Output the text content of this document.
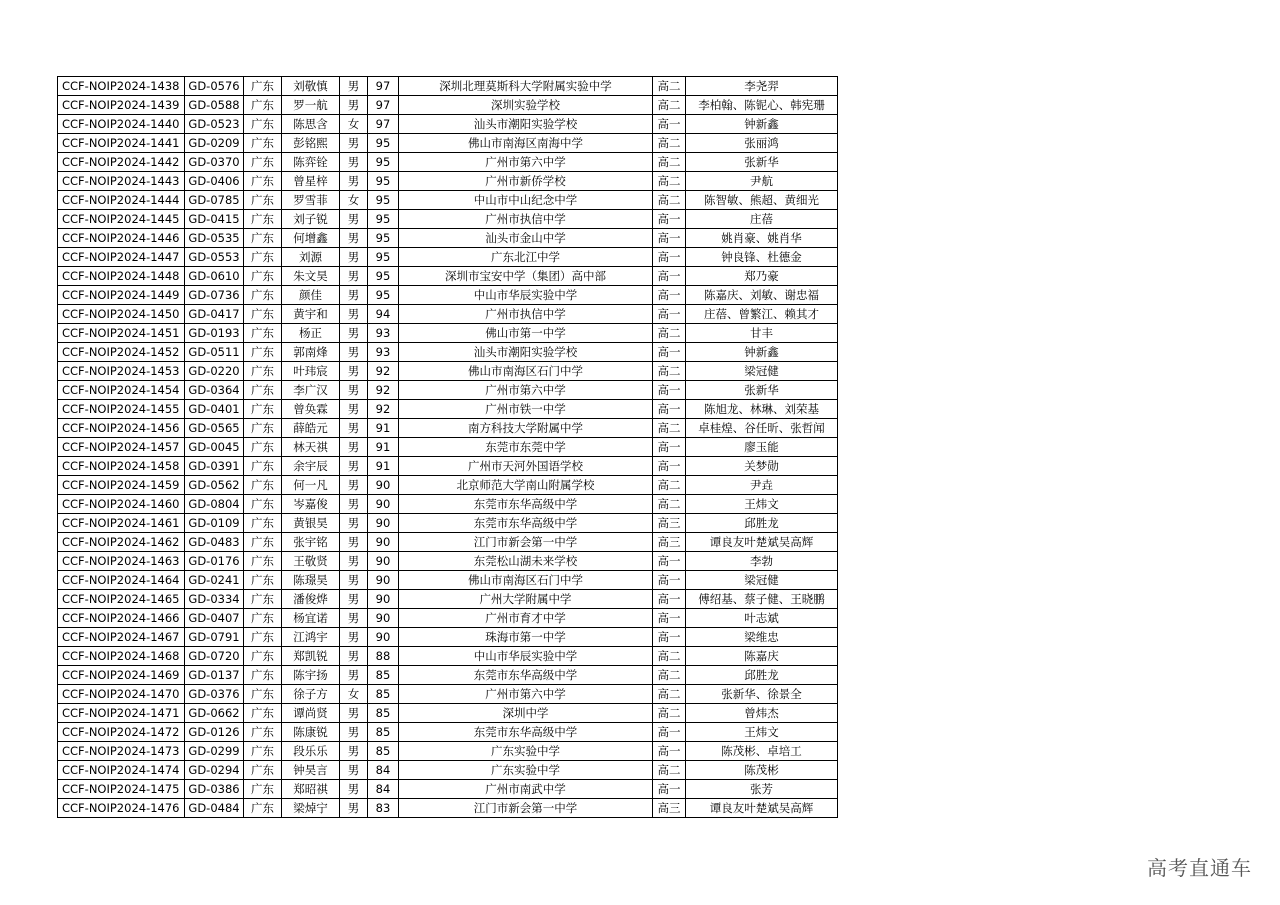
CCF-NOIP2024-1438	GD-0576	广东	刘敬慎	男	97	深圳北理莫斯科大学附属实验中学	高二	李尧羿
CCF-NOIP2024-1439	GD-0588	广东	罗一航	男	97	深圳实验学校	高二	李柏翰、陈铌心、韩宪珊
CCF-NOIP2024-1440	GD-0523	广东	陈思含	女	97	汕头市潮阳实验学校	高一	钟新鑫
CCF-NOIP2024-1441	GD-0209	广东	彭铭熙	男	95	佛山市南海区南海中学	高二	张丽鸿
CCF-NOIP2024-1442	GD-0370	广东	陈弈铨	男	95	广州市第六中学	高二	张新华
CCF-NOIP2024-1443	GD-0406	广东	曾星梓	男	95	广州市新侨学校	高二	尹航
CCF-NOIP2024-1444	GD-0785	广东	罗雪菲	女	95	中山市中山纪念中学	高二	陈智敏、熊超、黄细光
CCF-NOIP2024-1445	GD-0415	广东	刘子锐	男	95	广州市执信中学	高一	庄蓓
CCF-NOIP2024-1446	GD-0535	广东	何增鑫	男	95	汕头市金山中学	高一	姚肖豪、姚肖华
CCF-NOIP2024-1447	GD-0553	广东	刘源	男	95	广东北江中学	高一	钟良锋、杜德金
CCF-NOIP2024-1448	GD-0610	广东	朱文昊	男	95	深圳市宝安中学（集团）高中部	高一	郑乃豪
CCF-NOIP2024-1449	GD-0736	广东	颜佳	男	95	中山市华辰实验中学	高一	陈嘉庆、刘敏、谢忠福
CCF-NOIP2024-1450	GD-0417	广东	黄宇和	男	94	广州市执信中学	高一	庄蓓、曾繁江、赖其才
CCF-NOIP2024-1451	GD-0193	广东	杨正	男	93	佛山市第一中学	高二	甘丰
CCF-NOIP2024-1452	GD-0511	广东	郭南烽	男	93	汕头市潮阳实验学校	高一	钟新鑫
CCF-NOIP2024-1453	GD-0220	广东	叶玮宸	男	92	佛山市南海区石门中学	高二	梁冠健
CCF-NOIP2024-1454	GD-0364	广东	李广汉	男	92	广州市第六中学	高一	张新华
CCF-NOIP2024-1455	GD-0401	广东	曾奂霖	男	92	广州市铁一中学	高一	陈旭龙、林琳、刘荣基
CCF-NOIP2024-1456	GD-0565	广东	薛皓元	男	91	南方科技大学附属中学	高二	卓桂煌、谷任昕、张哲闻
CCF-NOIP2024-1457	GD-0045	广东	林天祺	男	91	东莞市东莞中学	高一	廖玉能
CCF-NOIP2024-1458	GD-0391	广东	余宇辰	男	91	广州市天河外国语学校	高一	关梦勋
CCF-NOIP2024-1459	GD-0562	广东	何一凡	男	90	北京师范大学南山附属学校	高二	尹垚
CCF-NOIP2024-1460	GD-0804	广东	岑嘉俊	男	90	东莞市东华高级中学	高二	王炜文
CCF-NOIP2024-1461	GD-0109	广东	黄银昊	男	90	东莞市东华高级中学	高三	邱胜龙
CCF-NOIP2024-1462	GD-0483	广东	张宇铭	男	90	江门市新会第一中学	高三	谭良友叶楚斌吴高辉
CCF-NOIP2024-1463	GD-0176	广东	王敬贤	男	90	东莞松山湖未来学校	高一	李勃
CCF-NOIP2024-1464	GD-0241	广东	陈璟昊	男	90	佛山市南海区石门中学	高一	梁冠健
CCF-NOIP2024-1465	GD-0334	广东	潘俊烨	男	90	广州大学附属中学	高一	傅绍基、蔡子健、王晓鹏
CCF-NOIP2024-1466	GD-0407	广东	杨宜诺	男	90	广州市育才中学	高一	叶志斌
CCF-NOIP2024-1467	GD-0791	广东	江鸿宇	男	90	珠海市第一中学	高一	梁维忠
CCF-NOIP2024-1468	GD-0720	广东	郑凯锐	男	88	中山市华辰实验中学	高二	陈嘉庆
CCF-NOIP2024-1469	GD-0137	广东	陈宇扬	男	85	东莞市东华高级中学	高二	邱胜龙
CCF-NOIP2024-1470	GD-0376	广东	徐子方	女	85	广州市第六中学	高二	张新华、徐景全
CCF-NOIP2024-1471	GD-0662	广东	谭尚贤	男	85	深圳中学	高二	曾炜杰
CCF-NOIP2024-1472	GD-0126	广东	陈康锐	男	85	东莞市东华高级中学	高一	王炜文
CCF-NOIP2024-1473	GD-0299	广东	段乐乐	男	85	广东实验中学	高一	陈茂彬、卓培工
CCF-NOIP2024-1474	GD-0294	广东	钟昊言	男	84	广东实验中学	高二	陈茂彬
CCF-NOIP2024-1475	GD-0386	广东	郑昭祺	男	84	广州市南武中学	高一	张芳
CCF-NOIP2024-1476	GD-0484	广东	梁焯宁	男	83	江门市新会第一中学	高三	谭良友叶楚斌吴高辉
高考直通车
